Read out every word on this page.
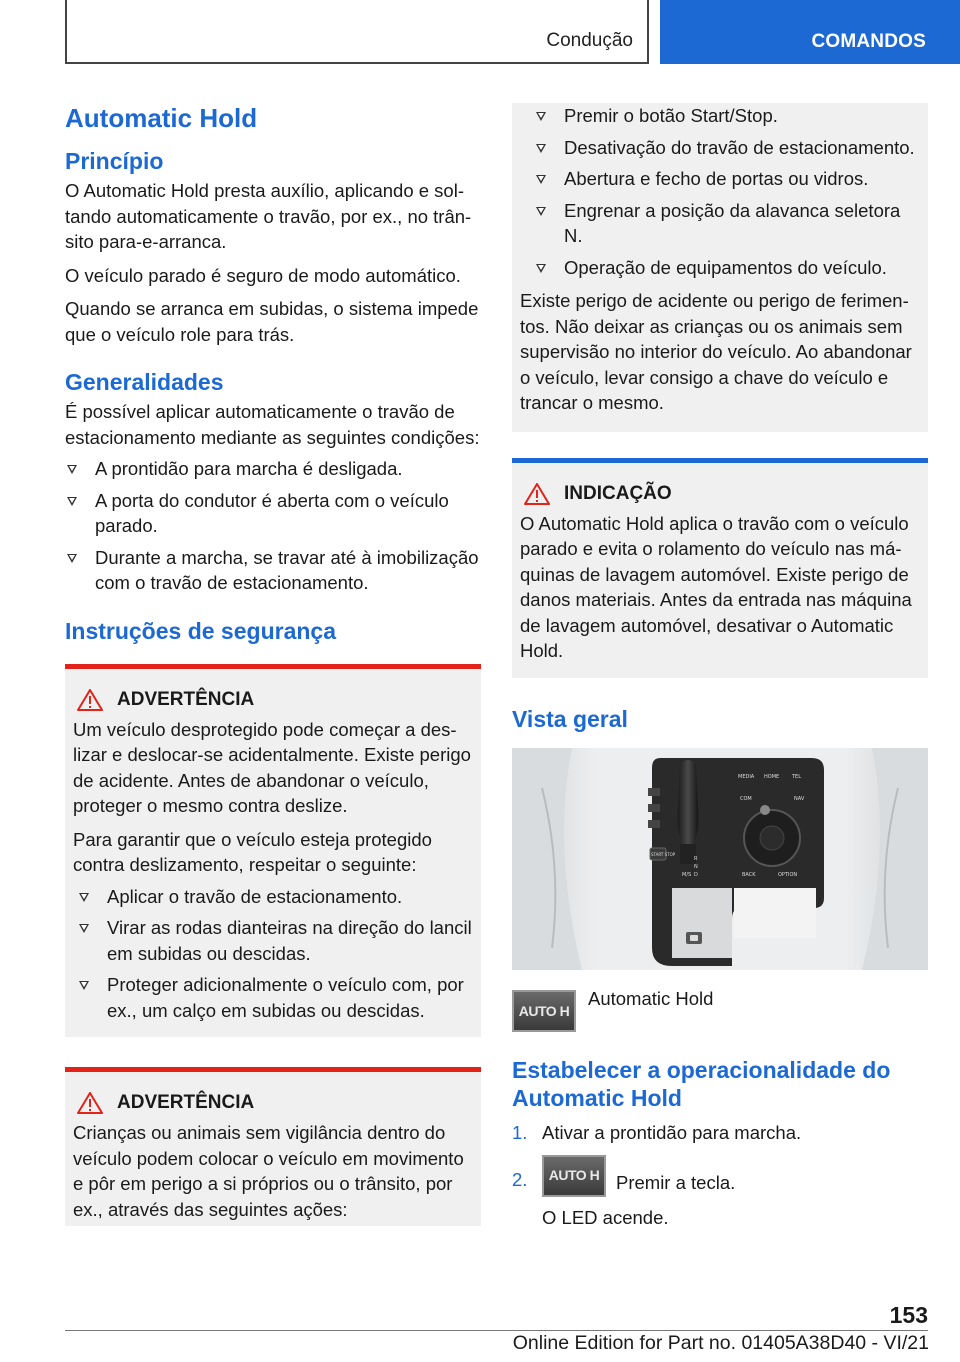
Condução	COMANDOS
Automatic Hold
Princípio

O Automatic Hold presta auxílio, aplicando e soltando automaticamente o travão, por ex., no trânsito para-e-arranca.

O veículo parado é seguro de modo automático.

Quando se arranca em subidas, o sistema impede que o veículo role para trás.

Generalidades

É possível aplicar automaticamente o travão de estacionamento mediante as seguintes condições:

A prontidão para marcha é desligada.
A porta do condutor é aberta com o veículo parado.
Durante a marcha, se travar até à imobilização com o travão de estacionamento.
Instruções de segurança
ADVERTÊNCIA

Um veículo desprotegido pode começar a deslizar e deslocar-se acidentalmente. Existe perigo de acidente. Antes de abandonar o veículo, proteger o mesmo contra deslize.

Para garantir que o veículo esteja protegido contra deslizamento, respeitar o seguinte:

Aplicar o travão de estacionamento.
Virar as rodas dianteiras na direção do lancil em subidas ou descidas.
Proteger adicionalmente o veículo com, por ex., um calço em subidas ou descidas.
ADVERTÊNCIA

Crianças ou animais sem vigilância dentro do veículo podem colocar o veículo em movimento e pôr em perigo a si próprios ou o trânsito, por ex., através das seguintes ações:

Premir o botão Start/Stop.
Desativação do travão de estacionamento.
Abertura e fecho de portas ou vidros.
Engrenar a posição da alavanca seletora N.
Operação de equipamentos do veículo.

Existe perigo de acidente ou perigo de ferimentos. Não deixar as crianças ou os animais sem supervisão no interior do veículo. Ao abandonar o veículo, levar consigo a chave do veículo e trancar o mesmo.

INDICAÇÃO

O Automatic Hold aplica o travão com o veículo parado e evita o rolamento do veículo nas máquinas de lavagem automóvel. Existe perigo de danos materiais. Antes da entrada nas máquina de lavagem automóvel, desativar o Automatic Hold.

Vista geral
MEDIA HOME	TEL
COM	NAV
BACK	OPTION
START STOP
R
N
D
M/S
AUTO H

Automatic Hold

Estabelecer a operacionalidade do Automatic Hold
1. Ativar a prontidão para marcha.
2.	AUTO H Premir a tecla.
O LED acende.
153
Online Edition for Part no. 01405A38D40 - VI/21
